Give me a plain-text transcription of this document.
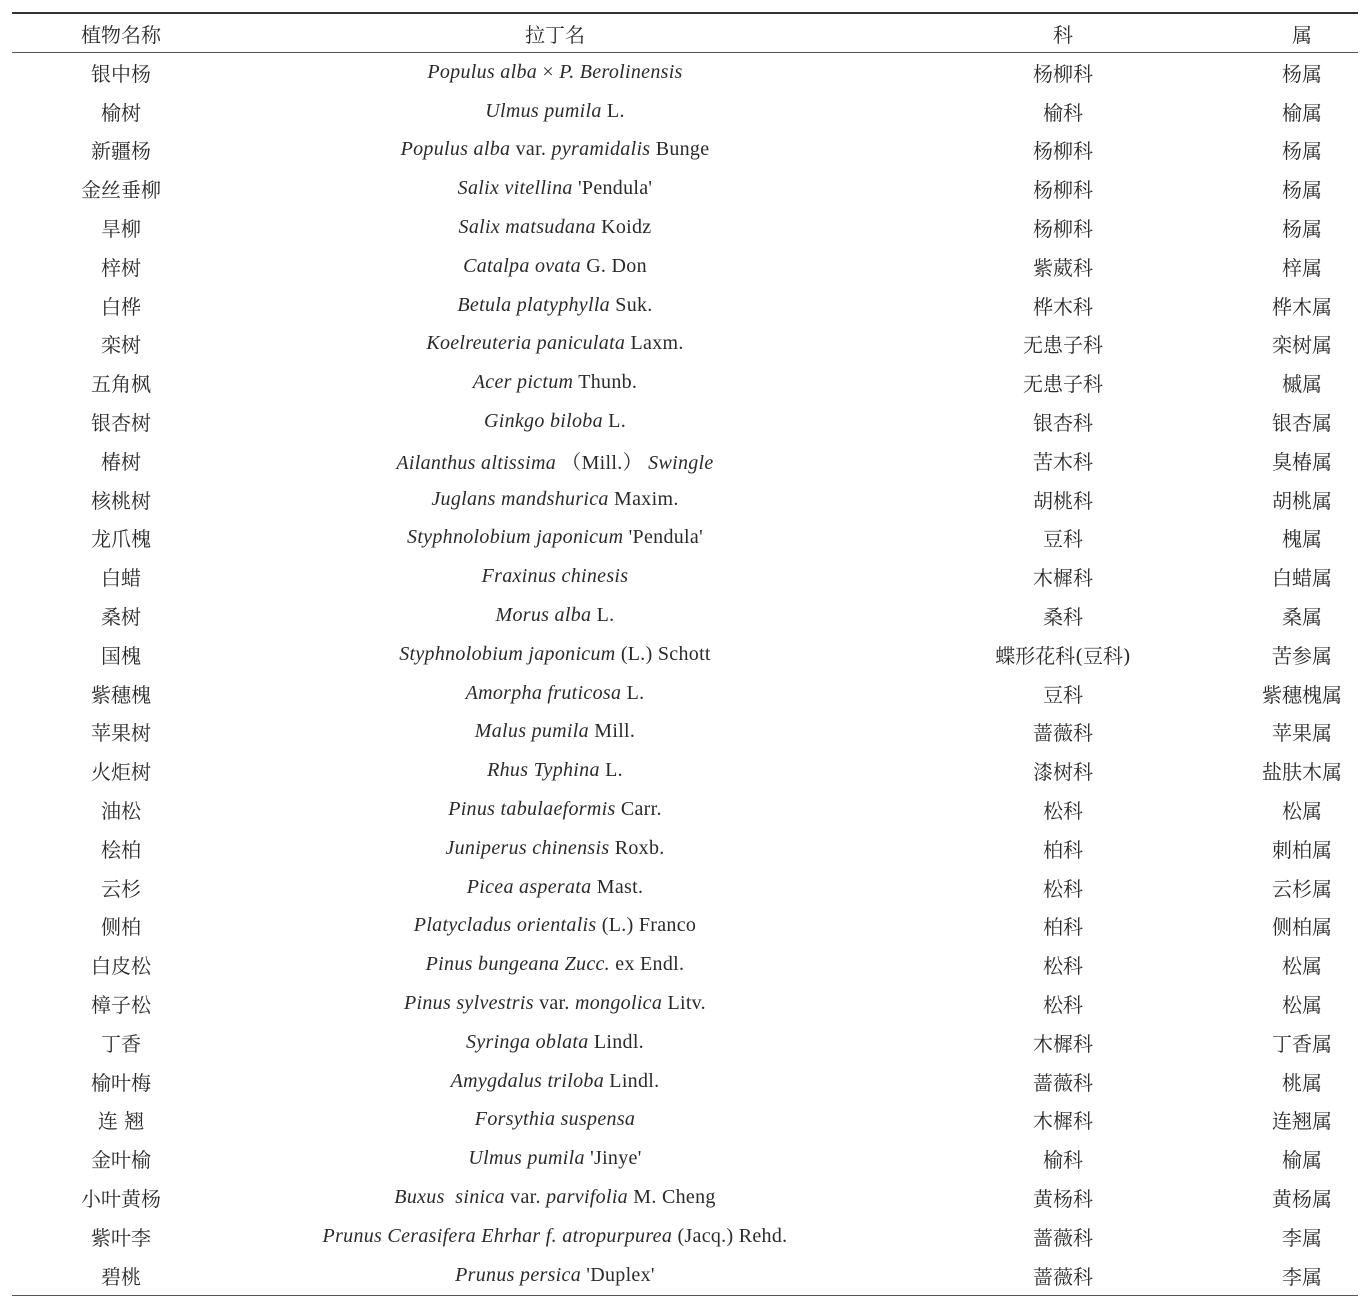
植物名称	拉丁名	科	属
银中杨	Populus alba × P. Berolinensis	杨柳科	杨属
榆树	Ulmus pumila L.	榆科	榆属
新疆杨	Populus alba var. pyramidalis Bunge	杨柳科	杨属
金丝垂柳	Salix vitellina 'Pendula'	杨柳科	杨属
旱柳	Salix matsudana Koidz	杨柳科	杨属
梓树	Catalpa ovata G. Don	紫葳科	梓属
白桦	Betula platyphylla Suk.	桦木科	桦木属
栾树	Koelreuteria paniculata Laxm.	无患子科	栾树属
五角枫	Acer pictum Thunb.	无患子科	槭属
银杏树	Ginkgo biloba L.	银杏科	银杏属
椿树	Ailanthus altissima （Mill.） Swingle	苦木科	臭椿属
核桃树	Juglans mandshurica Maxim.	胡桃科	胡桃属
龙爪槐	Styphnolobium japonicum 'Pendula'	豆科	槐属
白蜡	Fraxinus chinesis	木樨科	白蜡属
桑树	Morus alba L.	桑科	桑属
国槐	Styphnolobium japonicum (L.) Schott	蝶形花科(豆科)	苦参属
紫穗槐	Amorpha fruticosa L.	豆科	紫穗槐属
苹果树	Malus pumila Mill.	蔷薇科	苹果属
火炬树	Rhus Typhina L.	漆树科	盐肤木属
油松	Pinus tabulaeformis Carr.	松科	松属
桧柏	Juniperus chinensis Roxb.	柏科	刺柏属
云杉	Picea asperata Mast.	松科	云杉属
侧柏	Platycladus orientalis (L.) Franco	柏科	侧柏属
白皮松	Pinus bungeana Zucc. ex Endl.	松科	松属
樟子松	Pinus sylvestris var. mongolica Litv.	松科	松属
丁香	Syringa oblata Lindl.	木樨科	丁香属
榆叶梅	Amygdalus triloba Lindl.	蔷薇科	桃属
连 翘	Forsythia suspensa	木樨科	连翘属
金叶榆	Ulmus pumila 'Jinye'	榆科	榆属
小叶黄杨	Buxus  sinica var. parvifolia M. Cheng	黄杨科	黄杨属
紫叶李	Prunus Cerasifera Ehrhar f. atropurpurea (Jacq.) Rehd.	蔷薇科	李属
碧桃	Prunus persica 'Duplex'	蔷薇科	李属
